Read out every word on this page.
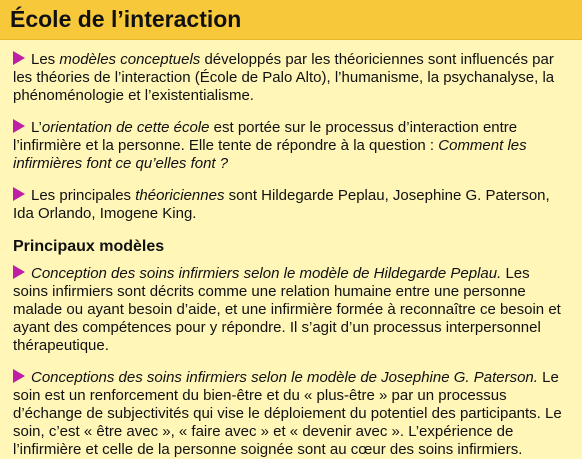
École de l’interaction

Les modèles conceptuels développés par les théoriciennes sont influencés par les théories de l’interaction (École de Palo Alto), l’humanisme, la psychanalyse, la phénoménologie et l’existentialisme.

L’orientation de cette école est portée sur le processus d’interaction entre l’infirmière et la personne. Elle tente de répondre à la question : Comment les infirmières font ce qu’elles font ?

Les principales théoriciennes sont Hildegarde Peplau, Josephine G. Paterson, Ida Orlando, Imogene King.

Principaux modèles

Conception des soins infirmiers selon le modèle de Hildegarde Peplau. Les soins infirmiers sont décrits comme une relation humaine entre une personne malade ou ayant besoin d’aide, et une infirmière formée à reconnaître ce besoin et ayant des compétences pour y répondre. Il s’agit d’un processus interpersonnel thérapeutique.

Conceptions des soins infirmiers selon le modèle de Josephine G. Paterson. Le soin est un renforcement du bien-être et du « plus-être » par un processus d’échange de subjectivités qui vise le déploiement du potentiel des participants. Le soin, c’est « être avec », « faire avec » et « devenir avec ». L’expérience de l’infirmière et celle de la personne soignée sont au cœur des soins infirmiers.
